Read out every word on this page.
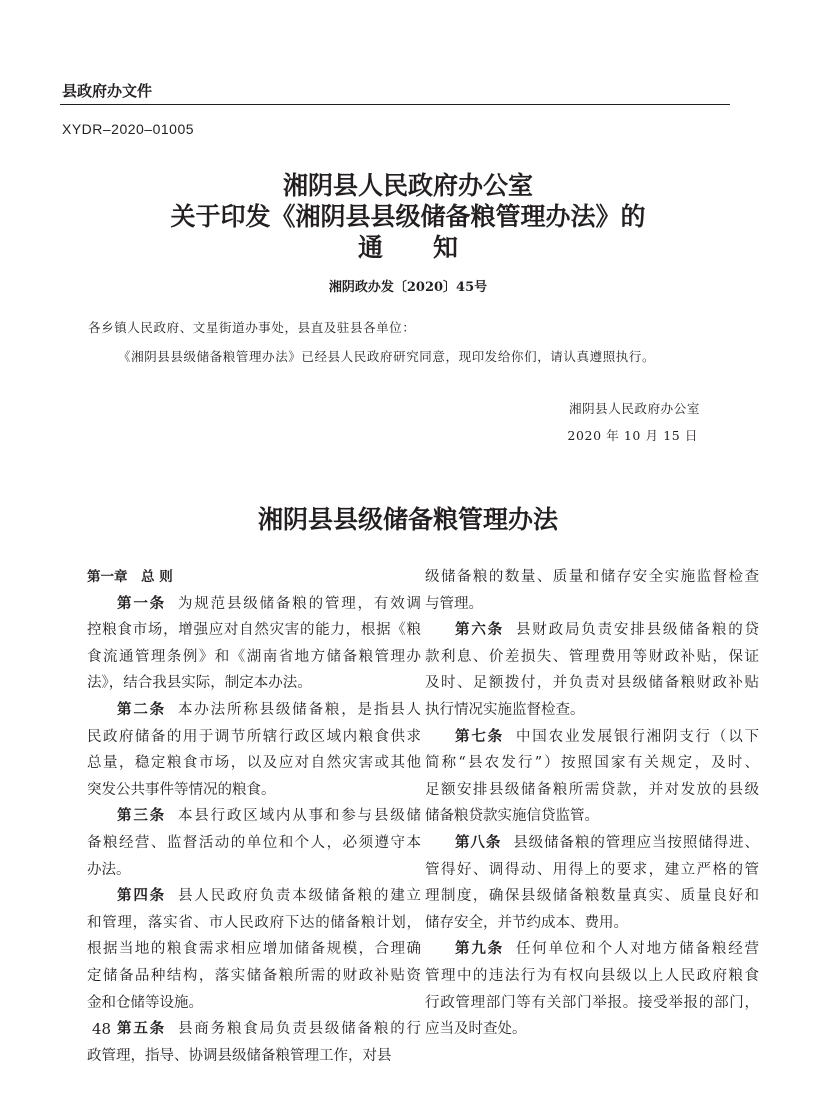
县政府办文件
XYDR–2020–01005
湘阴县人民政府办公室
关于印发《湘阴县县级储备粮管理办法》的
通　　知
湘阴政办发〔2020〕45号
各乡镇人民政府、文星街道办事处，县直及驻县各单位：
《湘阴县县级储备粮管理办法》已经县人民政府研究同意，现印发给你们，请认真遵照执行。
湘阴县人民政府办公室
2020 年 10 月 15 日
湘阴县县级储备粮管理办法
第一章　总 则
第一条 为规范县级储备粮的管理，有效调
控粮食市场，增强应对自然灾害的能力，根据《粮
食流通管理条例》和《湖南省地方储备粮管理办
法》，结合我县实际，制定本办法。
第二条 本办法所称县级储备粮，是指县人
民政府储备的用于调节所辖行政区域内粮食供求
总量，稳定粮食市场，以及应对自然灾害或其他
突发公共事件等情况的粮食。
第三条 本县行政区域内从事和参与县级储
备粮经营、监督活动的单位和个人，必须遵守本
办法。
第四条 县人民政府负责本级储备粮的建立
和管理，落实省、市人民政府下达的储备粮计划，
根据当地的粮食需求相应增加储备规模，合理确
定储备品种结构，落实储备粮所需的财政补贴资
金和仓储等设施。
第五条 县商务粮食局负责县级储备粮的行
政管理，指导、协调县级储备粮管理工作，对县
级储备粮的数量、质量和储存安全实施监督检查
与管理。
第六条 县财政局负责安排县级储备粮的贷
款利息、价差损失、管理费用等财政补贴，保证
及时、足额拨付，并负责对县级储备粮财政补贴
执行情况实施监督检查。
第七条 中国农业发展银行湘阴支行（以下
简称“县农发行”）按照国家有关规定，及时、
足额安排县级储备粮所需贷款，并对发放的县级
储备粮贷款实施信贷监管。
第八条 县级储备粮的管理应当按照储得进、
管得好、调得动、用得上的要求，建立严格的管
理制度，确保县级储备粮数量真实、质量良好和
储存安全，并节约成本、费用。
第九条 任何单位和个人对地方储备粮经营
管理中的违法行为有权向县级以上人民政府粮食
行政管理部门等有关部门举报。接受举报的部门，
应当及时查处。
48
